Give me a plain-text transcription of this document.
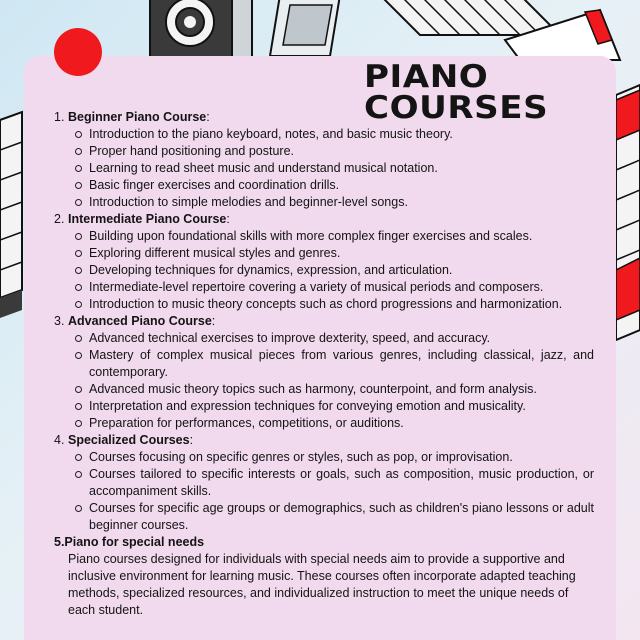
PIANO
COURSES

1. Beginner Piano Course:

Introduction to the piano keyboard, notes, and basic music theory.
Proper hand positioning and posture.
Learning to read sheet music and understand musical notation.
Basic finger exercises and coordination drills.
Introduction to simple melodies and beginner-level songs.

2. Intermediate Piano Course:

Building upon foundational skills with more complex finger exercises and scales.
Exploring different musical styles and genres.
Developing techniques for dynamics, expression, and articulation.
Intermediate-level repertoire covering a variety of musical periods and composers.
Introduction to music theory concepts such as chord progressions and harmonization.

3. Advanced Piano Course:

Advanced technical exercises to improve dexterity, speed, and accuracy.
Mastery of complex musical pieces from various genres, including classical, jazz, and contemporary.
Advanced music theory topics such as harmony, counterpoint, and form analysis.
Interpretation and expression techniques for conveying emotion and musicality.
Preparation for performances, competitions, or auditions.

4. Specialized Courses:

Courses focusing on specific genres or styles, such as pop, or improvisation.
Courses tailored to specific interests or goals, such as composition, music production, or accompaniment skills.
Courses for specific age groups or demographics, such as children's piano lessons or adult beginner courses.

5.Piano for special needs

Piano courses designed for individuals with special needs aim to provide a supportive and inclusive environment for learning music. These courses often incorporate adapted teaching methods, specialized resources, and individualized instruction to meet the unique needs of each student.
